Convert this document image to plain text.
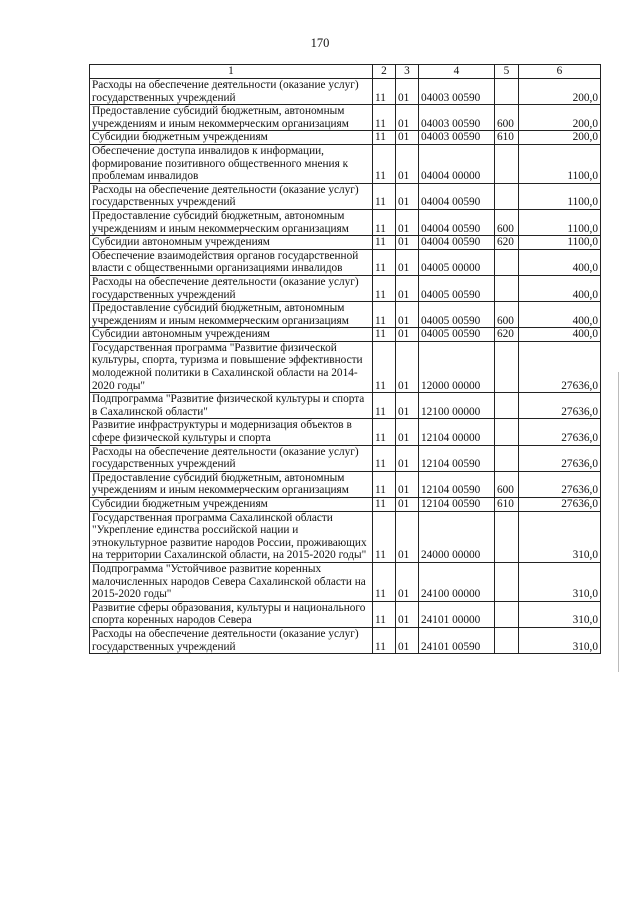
170
1	2	3	4	5	6
Расходы на обеспечение деятельности (оказание услуг) государственных учреждений	11	01	04003 00590		200,0
Предоставление субсидий бюджетным, автономным учреждениям и иным некоммерческим организациям	11	01	04003 00590	600	200,0
Субсидии бюджетным учреждениям	11	01	04003 00590	610	200,0
Обеспечение доступа инвалидов к информации, формирование позитивного общественного мнения к проблемам инвалидов	11	01	04004 00000		1100,0
Расходы на обеспечение деятельности (оказание услуг) государственных учреждений	11	01	04004 00590		1100,0
Предоставление субсидий бюджетным, автономным учреждениям и иным некоммерческим организациям	11	01	04004 00590	600	1100,0
Субсидии автономным учреждениям	11	01	04004 00590	620	1100,0
Обеспечение взаимодействия органов государственной власти с общественными организациями инвалидов	11	01	04005 00000		400,0
Расходы на обеспечение деятельности (оказание услуг) государственных учреждений	11	01	04005 00590		400,0
Предоставление субсидий бюджетным, автономным учреждениям и иным некоммерческим организациям	11	01	04005 00590	600	400,0
Субсидии автономным учреждениям	11	01	04005 00590	620	400,0
Государственная программа "Развитие физической культуры, спорта, туризма и повышение эффективности молодежной политики в Сахалинской области на 2014-2020 годы"	11	01	12000 00000		27636,0
Подпрограмма "Развитие физической культуры и спорта в Сахалинской области"	11	01	12100 00000		27636,0
Развитие инфраструктуры и модернизация объектов в сфере физической культуры и спорта	11	01	12104 00000		27636,0
Расходы на обеспечение деятельности (оказание услуг) государственных учреждений	11	01	12104 00590		27636,0
Предоставление субсидий бюджетным, автономным учреждениям и иным некоммерческим организациям	11	01	12104 00590	600	27636,0
Субсидии бюджетным учреждениям	11	01	12104 00590	610	27636,0
Государственная программа Сахалинской области "Укрепление единства российской нации и этнокультурное развитие народов России, проживающих на территории Сахалинской области, на 2015-2020 годы"	11	01	24000 00000		310,0
Подпрограмма "Устойчивое развитие коренных малочисленных народов Севера Сахалинской области на 2015-2020 годы"	11	01	24100 00000		310,0
Развитие сферы образования, культуры и национального спорта коренных народов Севера	11	01	24101 00000		310,0
Расходы на обеспечение деятельности (оказание услуг) государственных учреждений	11	01	24101 00590		310,0
